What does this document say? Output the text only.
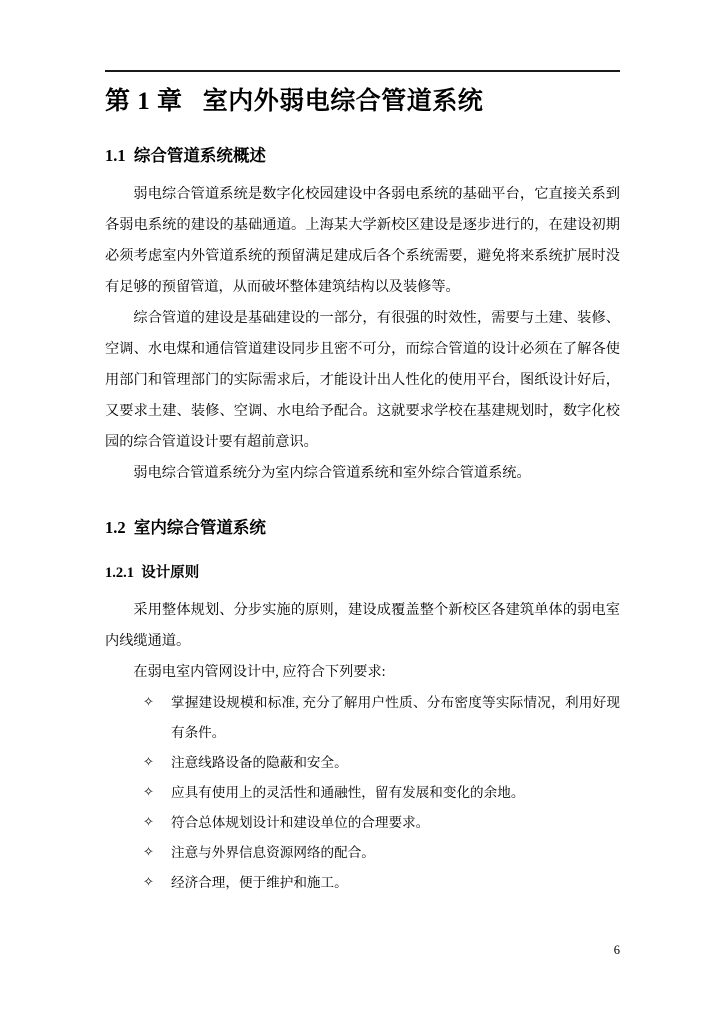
第 1 章   室内外弱电综合管道系统
1.1  综合管道系统概述

弱电综合管道系统是数字化校园建设中各弱电系统的基础平台，它直接关系到各弱电系统的建设的基础通道。上海某大学新校区建设是逐步进行的，在建设初期必须考虑室内外管道系统的预留满足建成后各个系统需要，避免将来系统扩展时没有足够的预留管道，从而破坏整体建筑结构以及装修等。

综合管道的建设是基础建设的一部分，有很强的时效性，需要与土建、装修、空调、水电煤和通信管道建设同步且密不可分，而综合管道的设计必须在了解各使用部门和管理部门的实际需求后，才能设计出人性化的使用平台，图纸设计好后，又要求土建、装修、空调、水电给予配合。这就要求学校在基建规划时，数字化校园的综合管道设计要有超前意识。

弱电综合管道系统分为室内综合管道系统和室外综合管道系统。

1.2  室内综合管道系统
1.2.1  设计原则

采用整体规划、分步实施的原则，建设成覆盖整个新校区各建筑单体的弱电室内线缆通道。

在弱电室内管网设计中, 应符合下列要求:

✧ 掌握建设规模和标准, 充分了解用户性质、分布密度等实际情况，利用好现有条件。
✧ 注意线路设备的隐蔽和安全。
✧ 应具有使用上的灵活性和通融性，留有发展和变化的余地。
✧ 符合总体规划设计和建设单位的合理要求。
✧ 注意与外界信息资源网络的配合。
✧ 经济合理，便于维护和施工。
6
